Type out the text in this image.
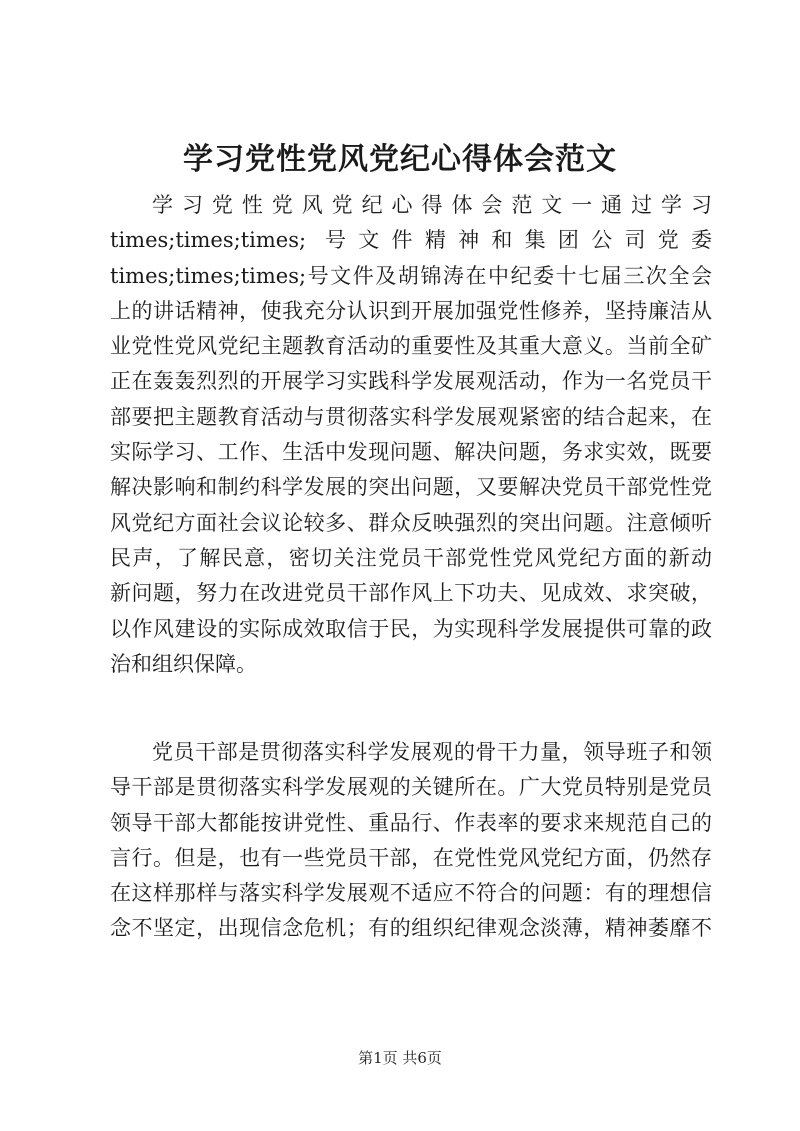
学习党性党风党纪心得体会范文
学习党性党风党纪心得体会范文一通过学习
times;times;times; 号文件精神和集团公司党委
times;times;times;号文件及胡锦涛在中纪委十七届三次全会
上的讲话精神，使我充分认识到开展加强党性修养，坚持廉洁从
业党性党风党纪主题教育活动的重要性及其重大意义。当前全矿
正在轰轰烈烈的开展学习实践科学发展观活动，作为一名党员干
部要把主题教育活动与贯彻落实科学发展观紧密的结合起来，在
实际学习、工作、生活中发现问题、解决问题，务求实效，既要
解决影响和制约科学发展的突出问题，又要解决党员干部党性党
风党纪方面社会议论较多、群众反映强烈的突出问题。注意倾听
民声，了解民意，密切关注党员干部党性党风党纪方面的新动
新问题，努力在改进党员干部作风上下功夫、见成效、求突破，
以作风建设的实际成效取信于民，为实现科学发展提供可靠的政
治和组织保障。
党员干部是贯彻落实科学发展观的骨干力量，领导班子和领
导干部是贯彻落实科学发展观的关键所在。广大党员特别是党员
领导干部大都能按讲党性、重品行、作表率的要求来规范自己的
言行。但是，也有一些党员干部，在党性党风党纪方面，仍然存
在这样那样与落实科学发展观不适应不符合的问题：有的理想信
念不坚定，出现信念危机；有的组织纪律观念淡薄，精神萎靡不
第1页 共6页
